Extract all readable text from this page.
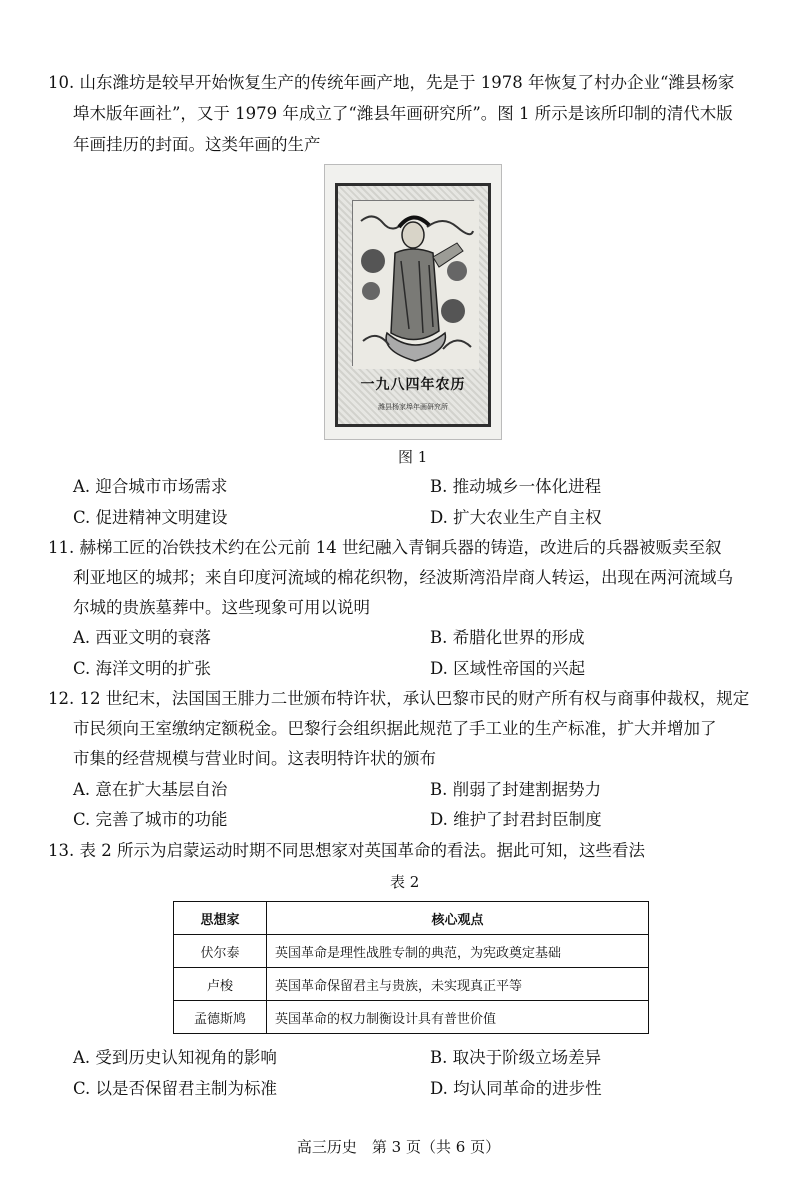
10. 山东潍坊是较早开始恢复生产的传统年画产地，先是于 1978 年恢复了村办企业“潍县杨家
埠木版年画社”，又于 1979 年成立了“潍县年画研究所”。图 1 所示是该所印制的清代木版
年画挂历的封面。这类年画的生产
一九八四年农历
潍县杨家埠年画研究所
图 1
A. 迎合城市市场需求	B. 推动城乡一体化进程
C. 促进精神文明建设	D. 扩大农业生产自主权
11. 赫梯工匠的冶铁技术约在公元前 14 世纪融入青铜兵器的铸造，改进后的兵器被贩卖至叙
利亚地区的城邦；来自印度河流域的棉花织物，经波斯湾沿岸商人转运，出现在两河流域乌
尔城的贵族墓葬中。这些现象可用以说明
A. 西亚文明的衰落	B. 希腊化世界的形成
C. 海洋文明的扩张	D. 区域性帝国的兴起
12. 12 世纪末，法国国王腓力二世颁布特许状，承认巴黎市民的财产所有权与商事仲裁权，规定
市民须向王室缴纳定额税金。巴黎行会组织据此规范了手工业的生产标准，扩大并增加了
市集的经营规模与营业时间。这表明特许状的颁布
A. 意在扩大基层自治	B. 削弱了封建割据势力
C. 完善了城市的功能	D. 维护了封君封臣制度
13. 表 2 所示为启蒙运动时期不同思想家对英国革命的看法。据此可知，这些看法
表 2
思想家	核心观点
伏尔泰	英国革命是理性战胜专制的典范，为宪政奠定基础
卢梭	英国革命保留君主与贵族，未实现真正平等
孟德斯鸠	英国革命的权力制衡设计具有普世价值
A. 受到历史认知视角的影响	B. 取决于阶级立场差异
C. 以是否保留君主制为标准	D. 均认同革命的进步性
高三历史　第 3 页（共 6 页）
